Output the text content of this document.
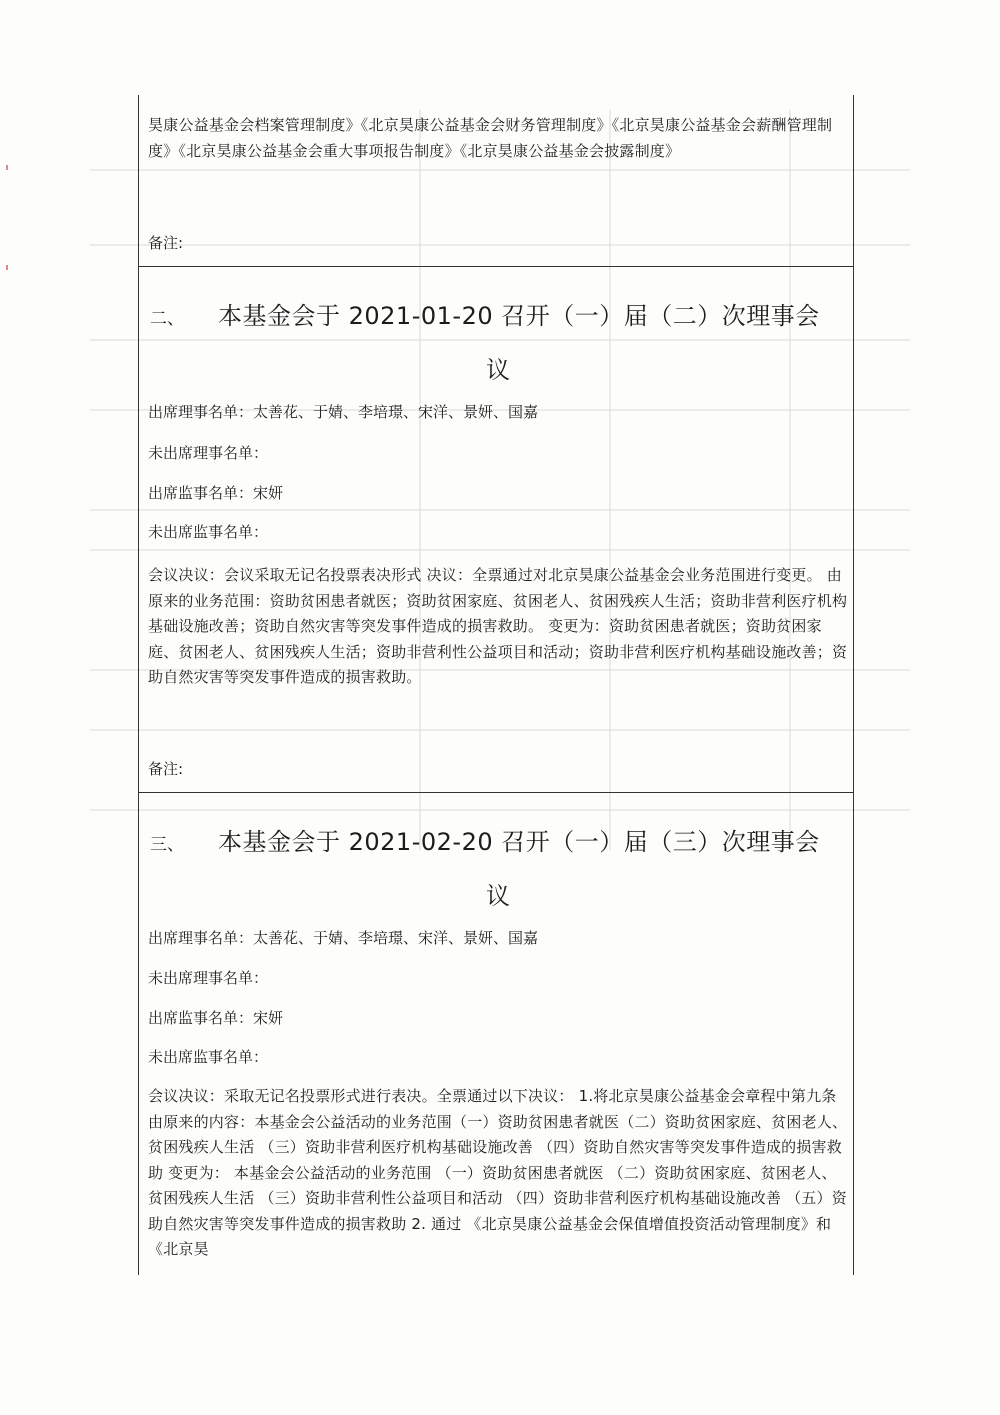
昊康公益基金会档案管理制度》《北京昊康公益基金会财务管理制度》《北京昊康公益基金会薪酬管理制度》《北京昊康公益基金会重大事项报告制度》《北京昊康公益基金会披露制度》
备注:
二、 本基金会于 2021-01-20 召开（一）届（二）次理事会
议
出席理事名单：太善花、于婧、李培璟、宋洋、景妍、国嘉
未出席理事名单：
出席监事名单：宋妍
未出席监事名单：
会议决议：会议采取无记名投票表决形式 决议：全票通过对北京昊康公益基金会业务范围进行变更。 由原来的业务范围：资助贫困患者就医；资助贫困家庭、贫困老人、贫困残疾人生活；资助非营利医疗机构基础设施改善；资助自然灾害等突发事件造成的损害救助。 变更为：资助贫困患者就医；资助贫困家庭、贫困老人、贫困残疾人生活；资助非营利性公益项目和活动；资助非营利医疗机构基础设施改善；资助自然灾害等突发事件造成的损害救助。
备注:
三、 本基金会于 2021-02-20 召开（一）届（三）次理事会
议
出席理事名单：太善花、于婧、李培璟、宋洋、景妍、国嘉
未出席理事名单：
出席监事名单：宋妍
未出席监事名单：
会议决议：采取无记名投票形式进行表决。全票通过以下决议： 1.将北京昊康公益基金会章程中第九条由原来的内容：本基金会公益活动的业务范围（一）资助贫困患者就医（二）资助贫困家庭、贫困老人、贫困残疾人生活 （三）资助非营利医疗机构基础设施改善 （四）资助自然灾害等突发事件造成的损害救助 变更为： 本基金会公益活动的业务范围 （一）资助贫困患者就医 （二）资助贫困家庭、贫困老人、贫困残疾人生活 （三）资助非营利性公益项目和活动 （四）资助非营利医疗机构基础设施改善 （五）资助自然灾害等突发事件造成的损害救助 2. 通过 《北京昊康公益基金会保值增值投资活动管理制度》和《北京昊
